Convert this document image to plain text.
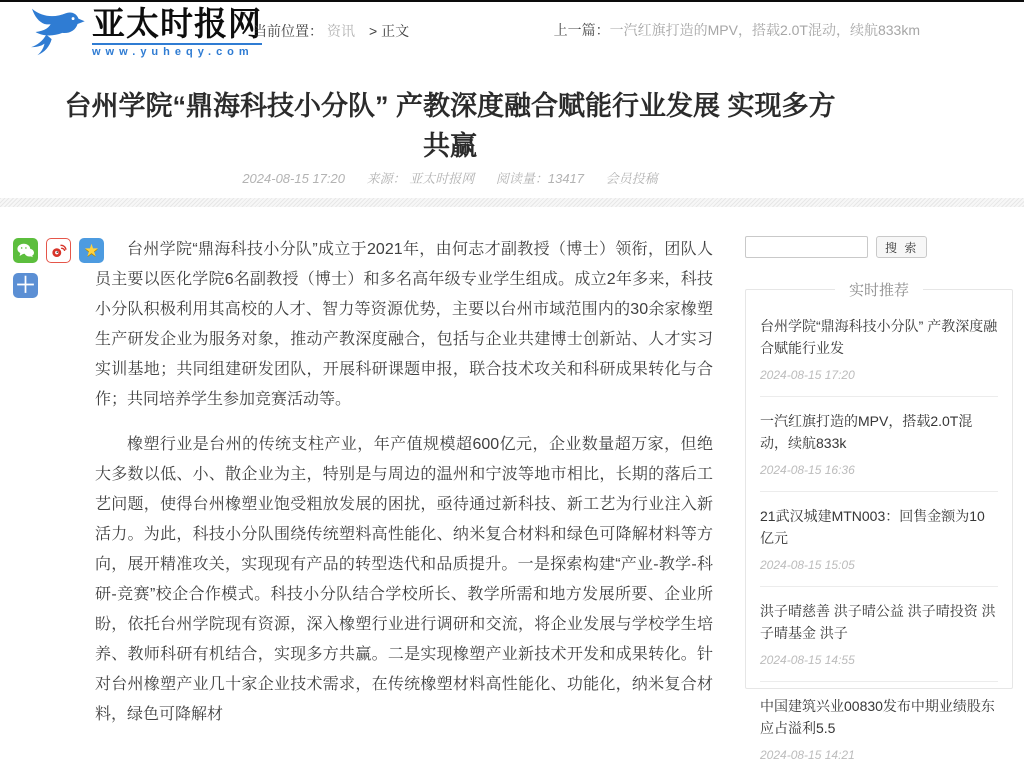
亚太时报网
www.yuheqy.com
当前位置： 资讯 > 正文	上一篇：一汽红旗打造的MPV，搭载2.0T混动，续航833km
台州学院“鼎海科技小分队” 产教深度融合赋能行业发展 实现多方共赢
2024-08-15 17:20 来源： 亚太时报网 阅读量：13417 会员投稿
★
＋

台州学院“鼎海科技小分队”成立于2021年，由何志才副教授（博士）领衔，团队人员主要以医化学院6名副教授（博士）和多名高年级专业学生组成。成立2年多来，科技小分队积极利用其高校的人才、智力等资源优势，主要以台州市域范围内的30余家橡塑生产研发企业为服务对象，推动产教深度融合，包括与企业共建博士创新站、人才实习实训基地；共同组建研发团队，开展科研课题申报，联合技术攻关和科研成果转化与合作；共同培养学生参加竞赛活动等。

橡塑行业是台州的传统支柱产业，年产值规模超600亿元，企业数量超万家，但绝大多数以低、小、散企业为主，特别是与周边的温州和宁波等地市相比，长期的落后工艺问题，使得台州橡塑业饱受粗放发展的困扰，亟待通过新科技、新工艺为行业注入新活力。为此，科技小分队围绕传统塑料高性能化、纳米复合材料和绿色可降解材料等方向，展开精准攻关，实现现有产品的转型迭代和品质提升。一是探索构建“产业-教学-科研-竞赛”校企合作模式。科技小分队结合学校所长、教学所需和地方发展所要、企业所盼，依托台州学院现有资源，深入橡塑行业进行调研和交流，将企业发展与学校学生培养、教师科研有机结合，实现多方共赢。二是实现橡塑产业新技术开发和成果转化。针对台州橡塑产业几十家企业技术需求，在传统橡塑材料高性能化、功能化，纳米复合材料，绿色可降解材

搜 索
实时推荐
台州学院“鼎海科技小分队” 产教深度融合赋能行业发
2024-08-15 17:20
一汽红旗打造的MPV，搭载2.0T混动，续航833k
2024-08-15 16:36
21武汉城建MTN003：回售金额为10亿元
2024-08-15 15:05
洪子晴慈善 洪子晴公益 洪子晴投资 洪子晴基金 洪子
2024-08-15 14:55
中国建筑兴业00830发布中期业绩股东应占溢利5.5
2024-08-15 14:21
